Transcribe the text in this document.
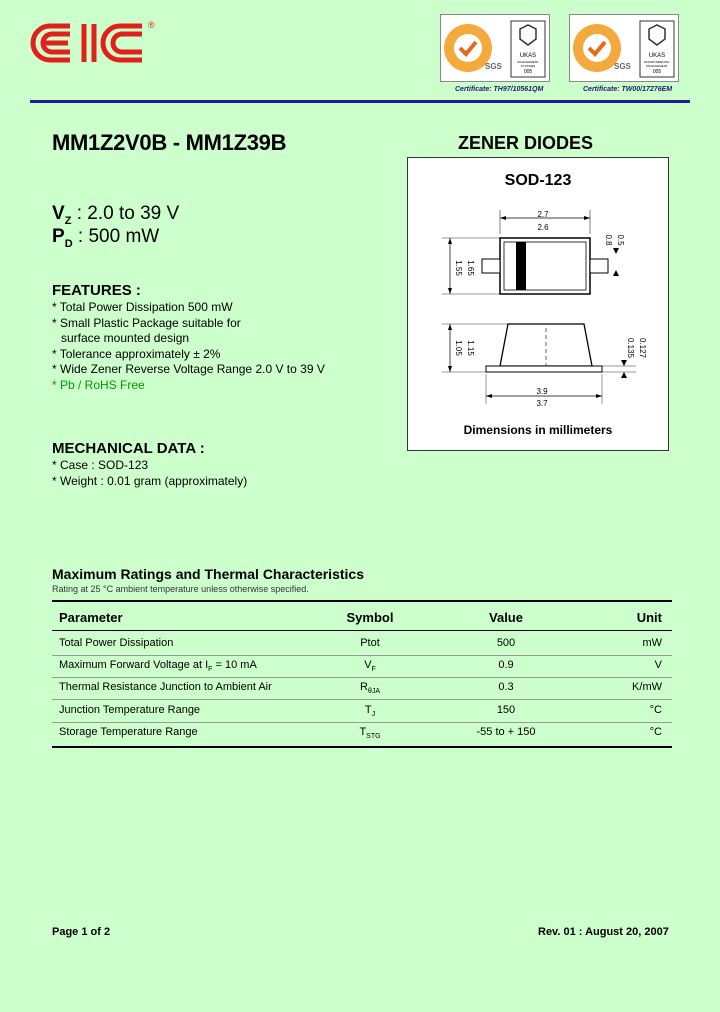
®
SGS
UKAS
005
MANAGEMENT SYSTEMS	SGS
UKAS
005
ENVIRONMENTAL MANAGEMENT
Certificate: TH97/10561QM	Certificate: TW00/17276EM
MM1Z2V0B - MM1Z39B	ZENER DIODES
$V_Z$ : 2.0 to 39 V
$P_D$ : 500 mW
FEATURES :
* Total Power Dissipation 500 mW
* Small Plastic Package suitable for
surface mounted design
* Tolerance approximately ± 2%
* Wide Zener Reverse Voltage Range 2.0 V to 39 V
* Pb / RoHS Free
MECHANICAL DATA :
* Case : SOD-123
* Weight : 0.01 gram (approximately)
SOD-123
2.7
2.6
1.65
1.55
0.8 0.5
1.15
1.05	0.135 0.127
3.9
3.7
Dimensions in millimeters
Maximum Ratings and Thermal Characteristics
Rating at 25 °C ambient temperature unless otherwise specified.
Parameter	Symbol	Value	Unit
Total Power Dissipation	Ptot	500	mW
Maximum Forward Voltage at $I_F = 10$ mA	$V_F$	0.9	V
Thermal Resistance Junction to Ambient Air	$R_{\theta JA}$	0.3	K/mW
Junction Temperature Range	$T_J$	150	°C
Storage Temperature Range	$T_{STG}$	-55 to + 150	°C
Page 1 of 2	Rev. 01 : August 20, 2007
